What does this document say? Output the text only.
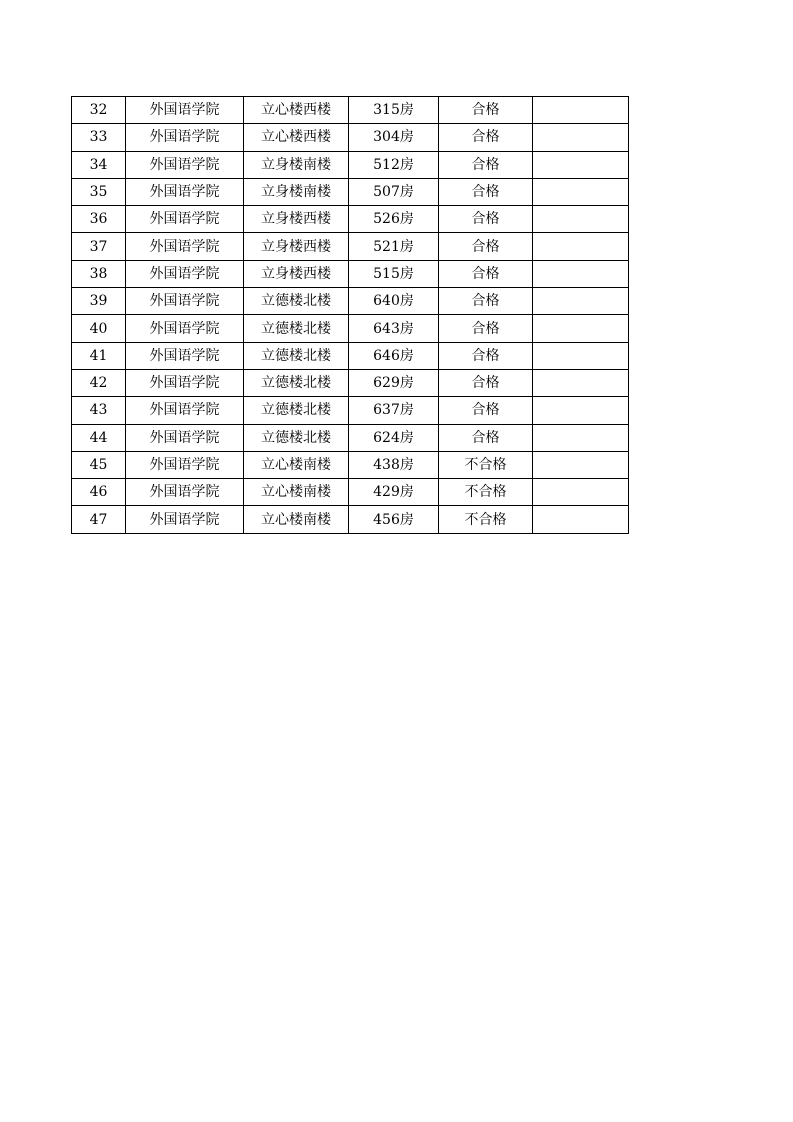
32	外国语学院	立心楼西楼	315房	合格	
33	外国语学院	立心楼西楼	304房	合格	
34	外国语学院	立身楼南楼	512房	合格	
35	外国语学院	立身楼南楼	507房	合格	
36	外国语学院	立身楼西楼	526房	合格	
37	外国语学院	立身楼西楼	521房	合格	
38	外国语学院	立身楼西楼	515房	合格	
39	外国语学院	立德楼北楼	640房	合格	
40	外国语学院	立德楼北楼	643房	合格	
41	外国语学院	立德楼北楼	646房	合格	
42	外国语学院	立德楼北楼	629房	合格	
43	外国语学院	立德楼北楼	637房	合格	
44	外国语学院	立德楼北楼	624房	合格	
45	外国语学院	立心楼南楼	438房	不合格	
46	外国语学院	立心楼南楼	429房	不合格	
47	外国语学院	立心楼南楼	456房	不合格	
